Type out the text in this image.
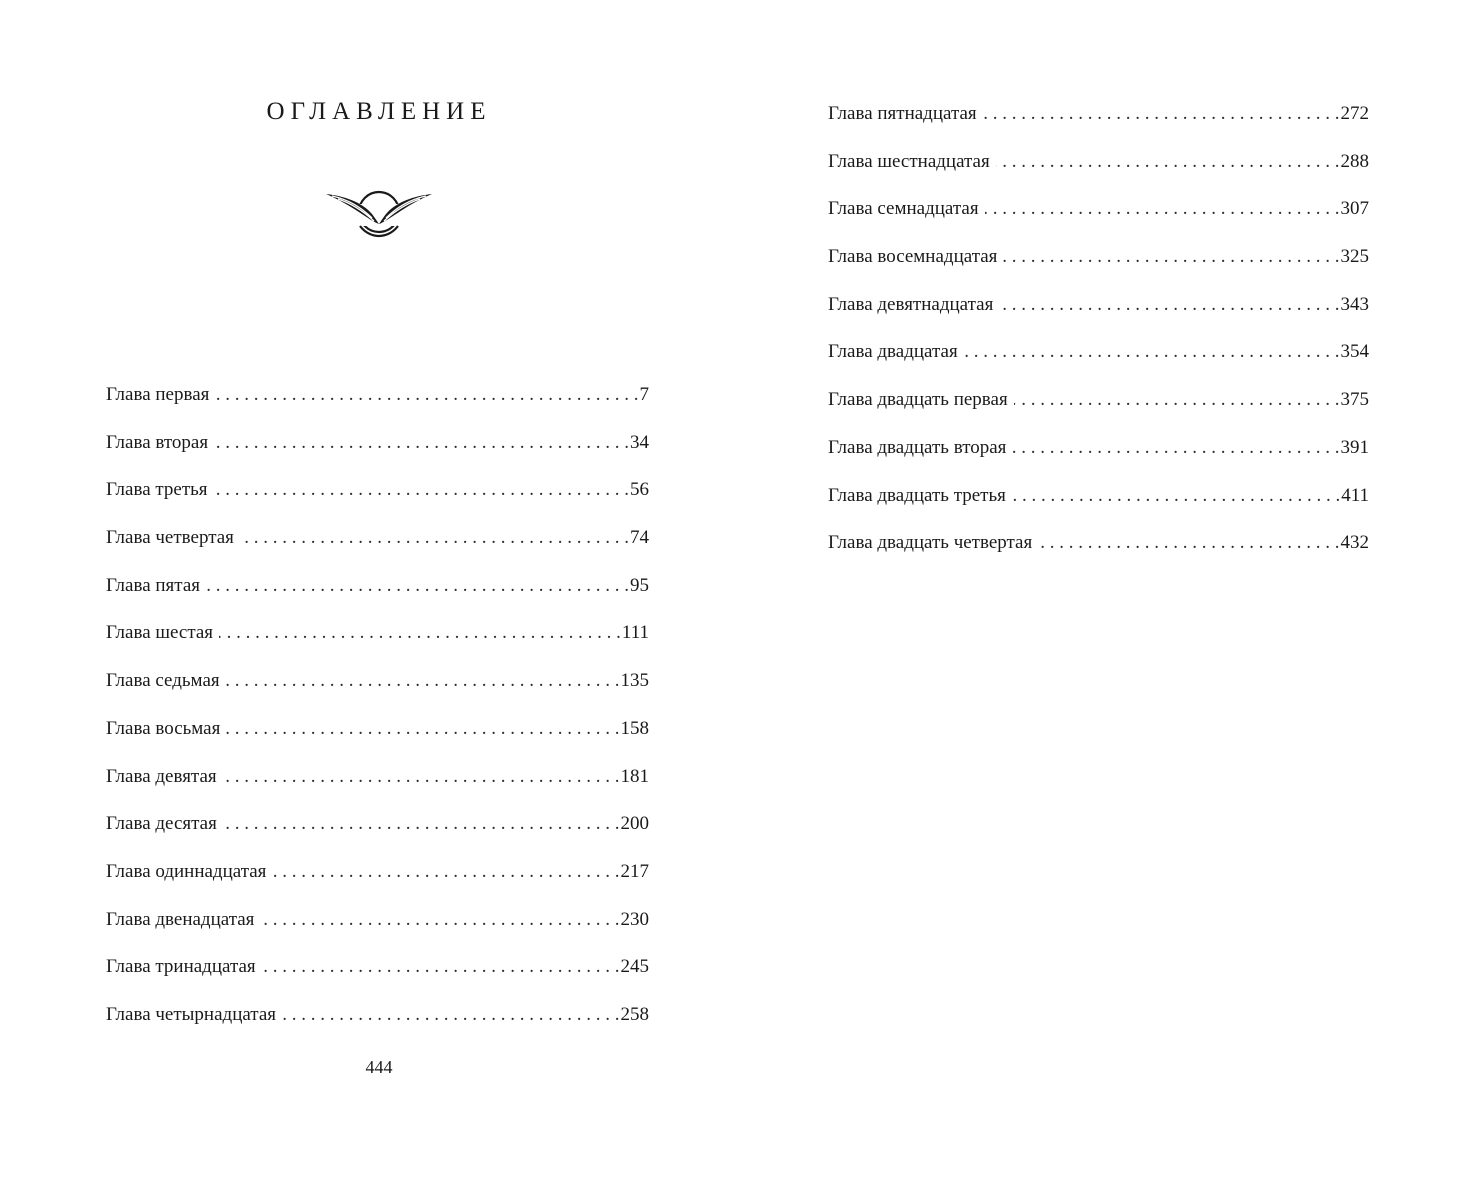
ОГЛАВЛЕНИЕ
Глава первая . . .	7
Глава вторая . . .	34
Глава третья . . .	56
Глава четвертая . . .	74
Глава пятая . . .	95
Глава шестая . . .	111
Глава седьмая . . .	135
Глава восьмая . . .	158
Глава девятая . . .	181
Глава десятая . . .	200
Глава одиннадцатая . . .	217
Глава двенадцатая . . .	230
Глава тринадцатая . . .	245
Глава четырнадцатая . . .	258
444
Глава пятнадцатая . . .	272
Глава шестнадцатая . . .	288
Глава семнадцатая . . .	307
Глава восемнадцатая . . .	325
Глава девятнадцатая . . .	343
Глава двадцатая . . .	354
Глава двадцать первая . . .	375
Глава двадцать вторая . . .	391
Глава двадцать третья . . .	411
Глава двадцать четвертая . . .	432
